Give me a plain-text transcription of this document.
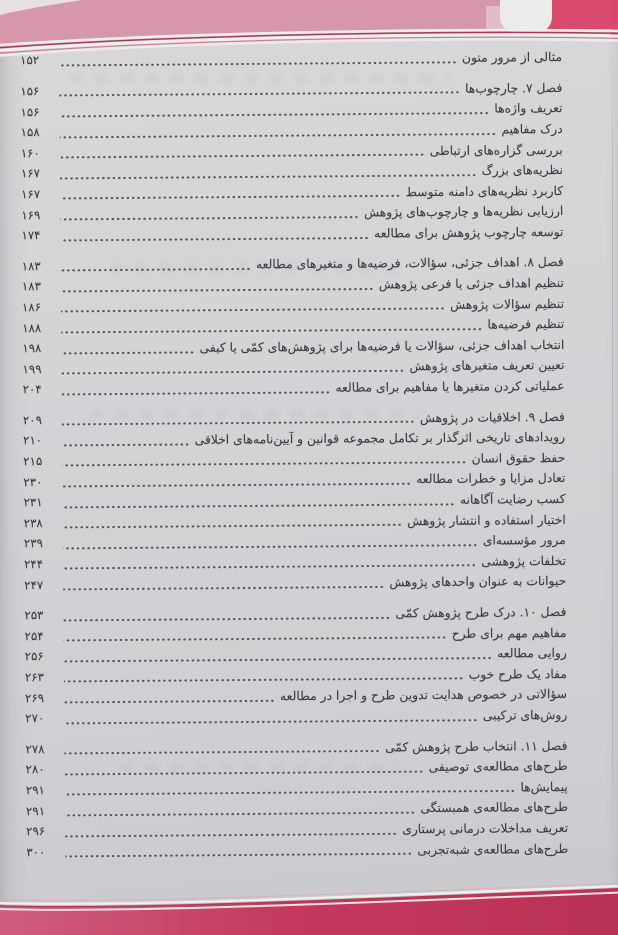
مثالی از مرور متون
۱۵۲
فصل ۷. چارچوب‌ها
۱۵۶
تعریف واژه‌ها
۱۵۶
درک مفاهیم
۱۵۸
بررسی گزاره‌های ارتباطی
۱۶۰
نظریه‌های بزرگ
۱۶۷
کاربرد نظریه‌های دامنه متوسط
۱۶۷
ارزیابی نظریه‌ها و چارچوب‌های پژوهش
۱۶۹
توسعه چارچوب پژوهش برای مطالعه
۱۷۴
فصل ۸. اهداف جزئی، سؤالات، فرضیه‌ها و متغیرهای مطالعه
۱۸۳
تنظیم اهداف جزئی یا فرعی پژوهش
۱۸۳
تنظیم سؤالات پژوهش
۱۸۶
تنظیم فرضیه‌ها
۱۸۸
انتخاب اهداف جزئی، سؤالات یا فرضیه‌ها برای پژوهش‌های کمّی یا کیفی
۱۹۸
تعیین تعریف متغیرهای پژوهش
۱۹۹
عملیاتی کردن متغیرها یا مفاهیم برای مطالعه
۲۰۴
فصل ۹. اخلاقیات در پژوهش
۲۰۹
رویدادهای تاریخی اثرگذار بر تکامل مجموعه قوانین و آیین‌نامه‌های اخلاقی
۲۱۰
حفظ حقوق انسان
۲۱۵
تعادل مزایا و خطرات مطالعه
۲۳۰
کسب رضایت آگاهانه
۲۳۱
اختیار استفاده و انتشار پژوهش
۲۳۸
مرور مؤسسه‌ای
۲۳۹
تخلفات پژوهشی
۲۴۴
حیوانات به عنوان واحدهای پژوهش
۲۴۷
فصل ۱۰. درک طرح پژوهش کمّی
۲۵۳
مفاهیم مهم برای طرح
۲۵۴
روایی مطالعه
۲۵۶
مفاد یک طرح خوب
۲۶۳
سؤالاتی در خصوص هدایت تدوین طرح و اجرا در مطالعه
۲۶۹
روش‌های ترکیبی
۲۷۰
فصل ۱۱. انتخاب طرح پژوهش کمّی
۲۷۸
طرح‌های مطالعه‌ی توصیفی
۲۸۰
پیمایش‌ها
۲۹۱
طرح‌های مطالعه‌ی همبستگی
۲۹۱
تعریف مداخلات درمانی پرستاری
۲۹۶
طرح‌های مطالعه‌ی شبه‌تجربی
۳۰۰
